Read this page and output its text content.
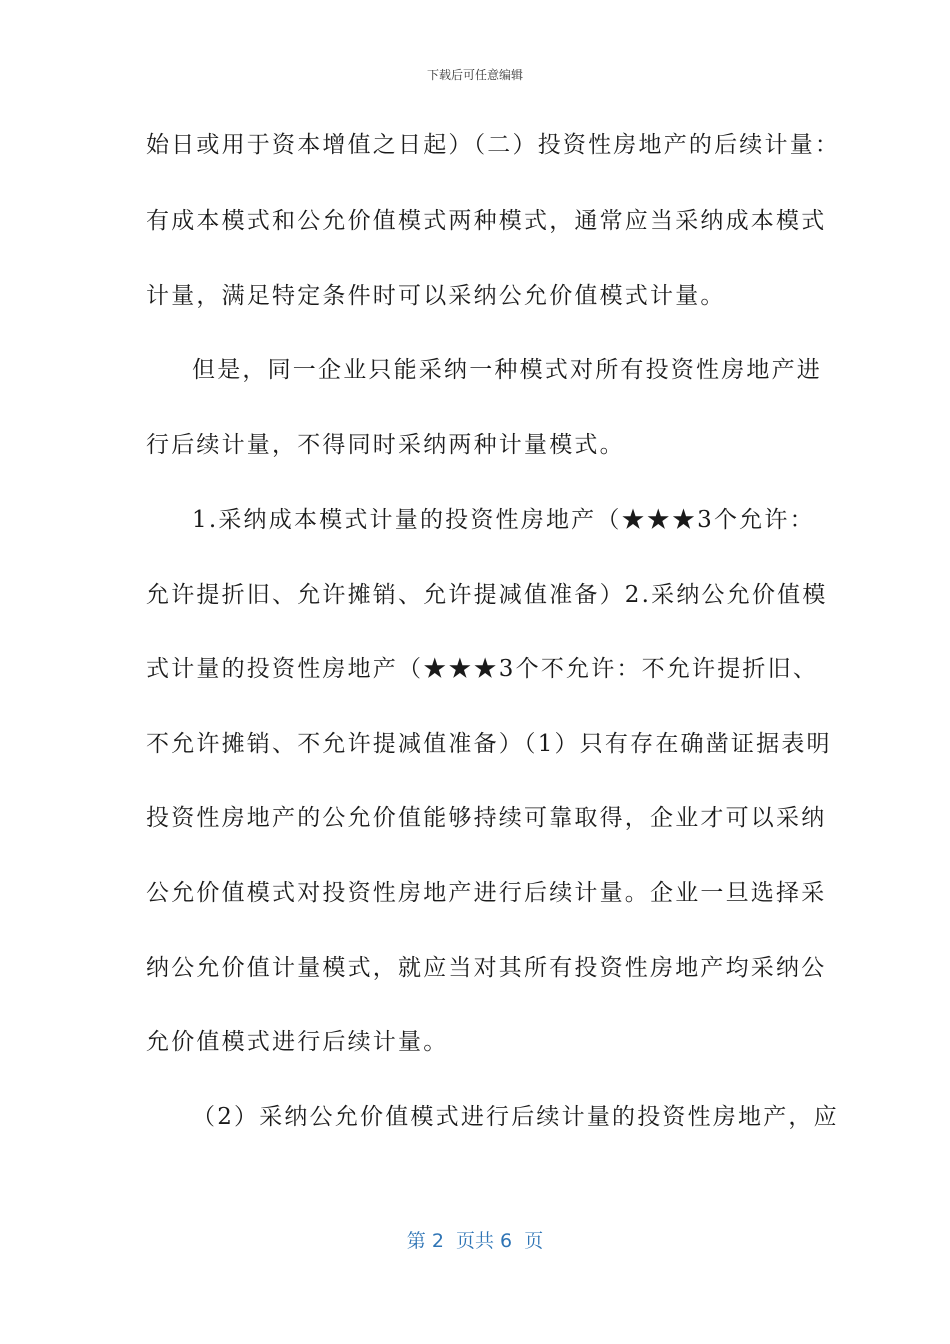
下载后可任意编辑
始日或用于资本增值之日起）（二）投资性房地产的后续计量：
有成本模式和公允价值模式两种模式，通常应当采纳成本模式
计量，满足特定条件时可以采纳公允价值模式计量。
但是，同一企业只能采纳一种模式对所有投资性房地产进
行后续计量，不得同时采纳两种计量模式。
1.采纳成本模式计量的投资性房地产（★★★3个允许：
允许提折旧、允许摊销、允许提减值准备）2.采纳公允价值模
式计量的投资性房地产（★★★3个不允许：不允许提折旧、
不允许摊销、不允许提减值准备）（1）只有存在确凿证据表明
投资性房地产的公允价值能够持续可靠取得，企业才可以采纳
公允价值模式对投资性房地产进行后续计量。企业一旦选择采
纳公允价值计量模式，就应当对其所有投资性房地产均采纳公
允价值模式进行后续计量。
（2）采纳公允价值模式进行后续计量的投资性房地产，应
第 2  页共 6  页
